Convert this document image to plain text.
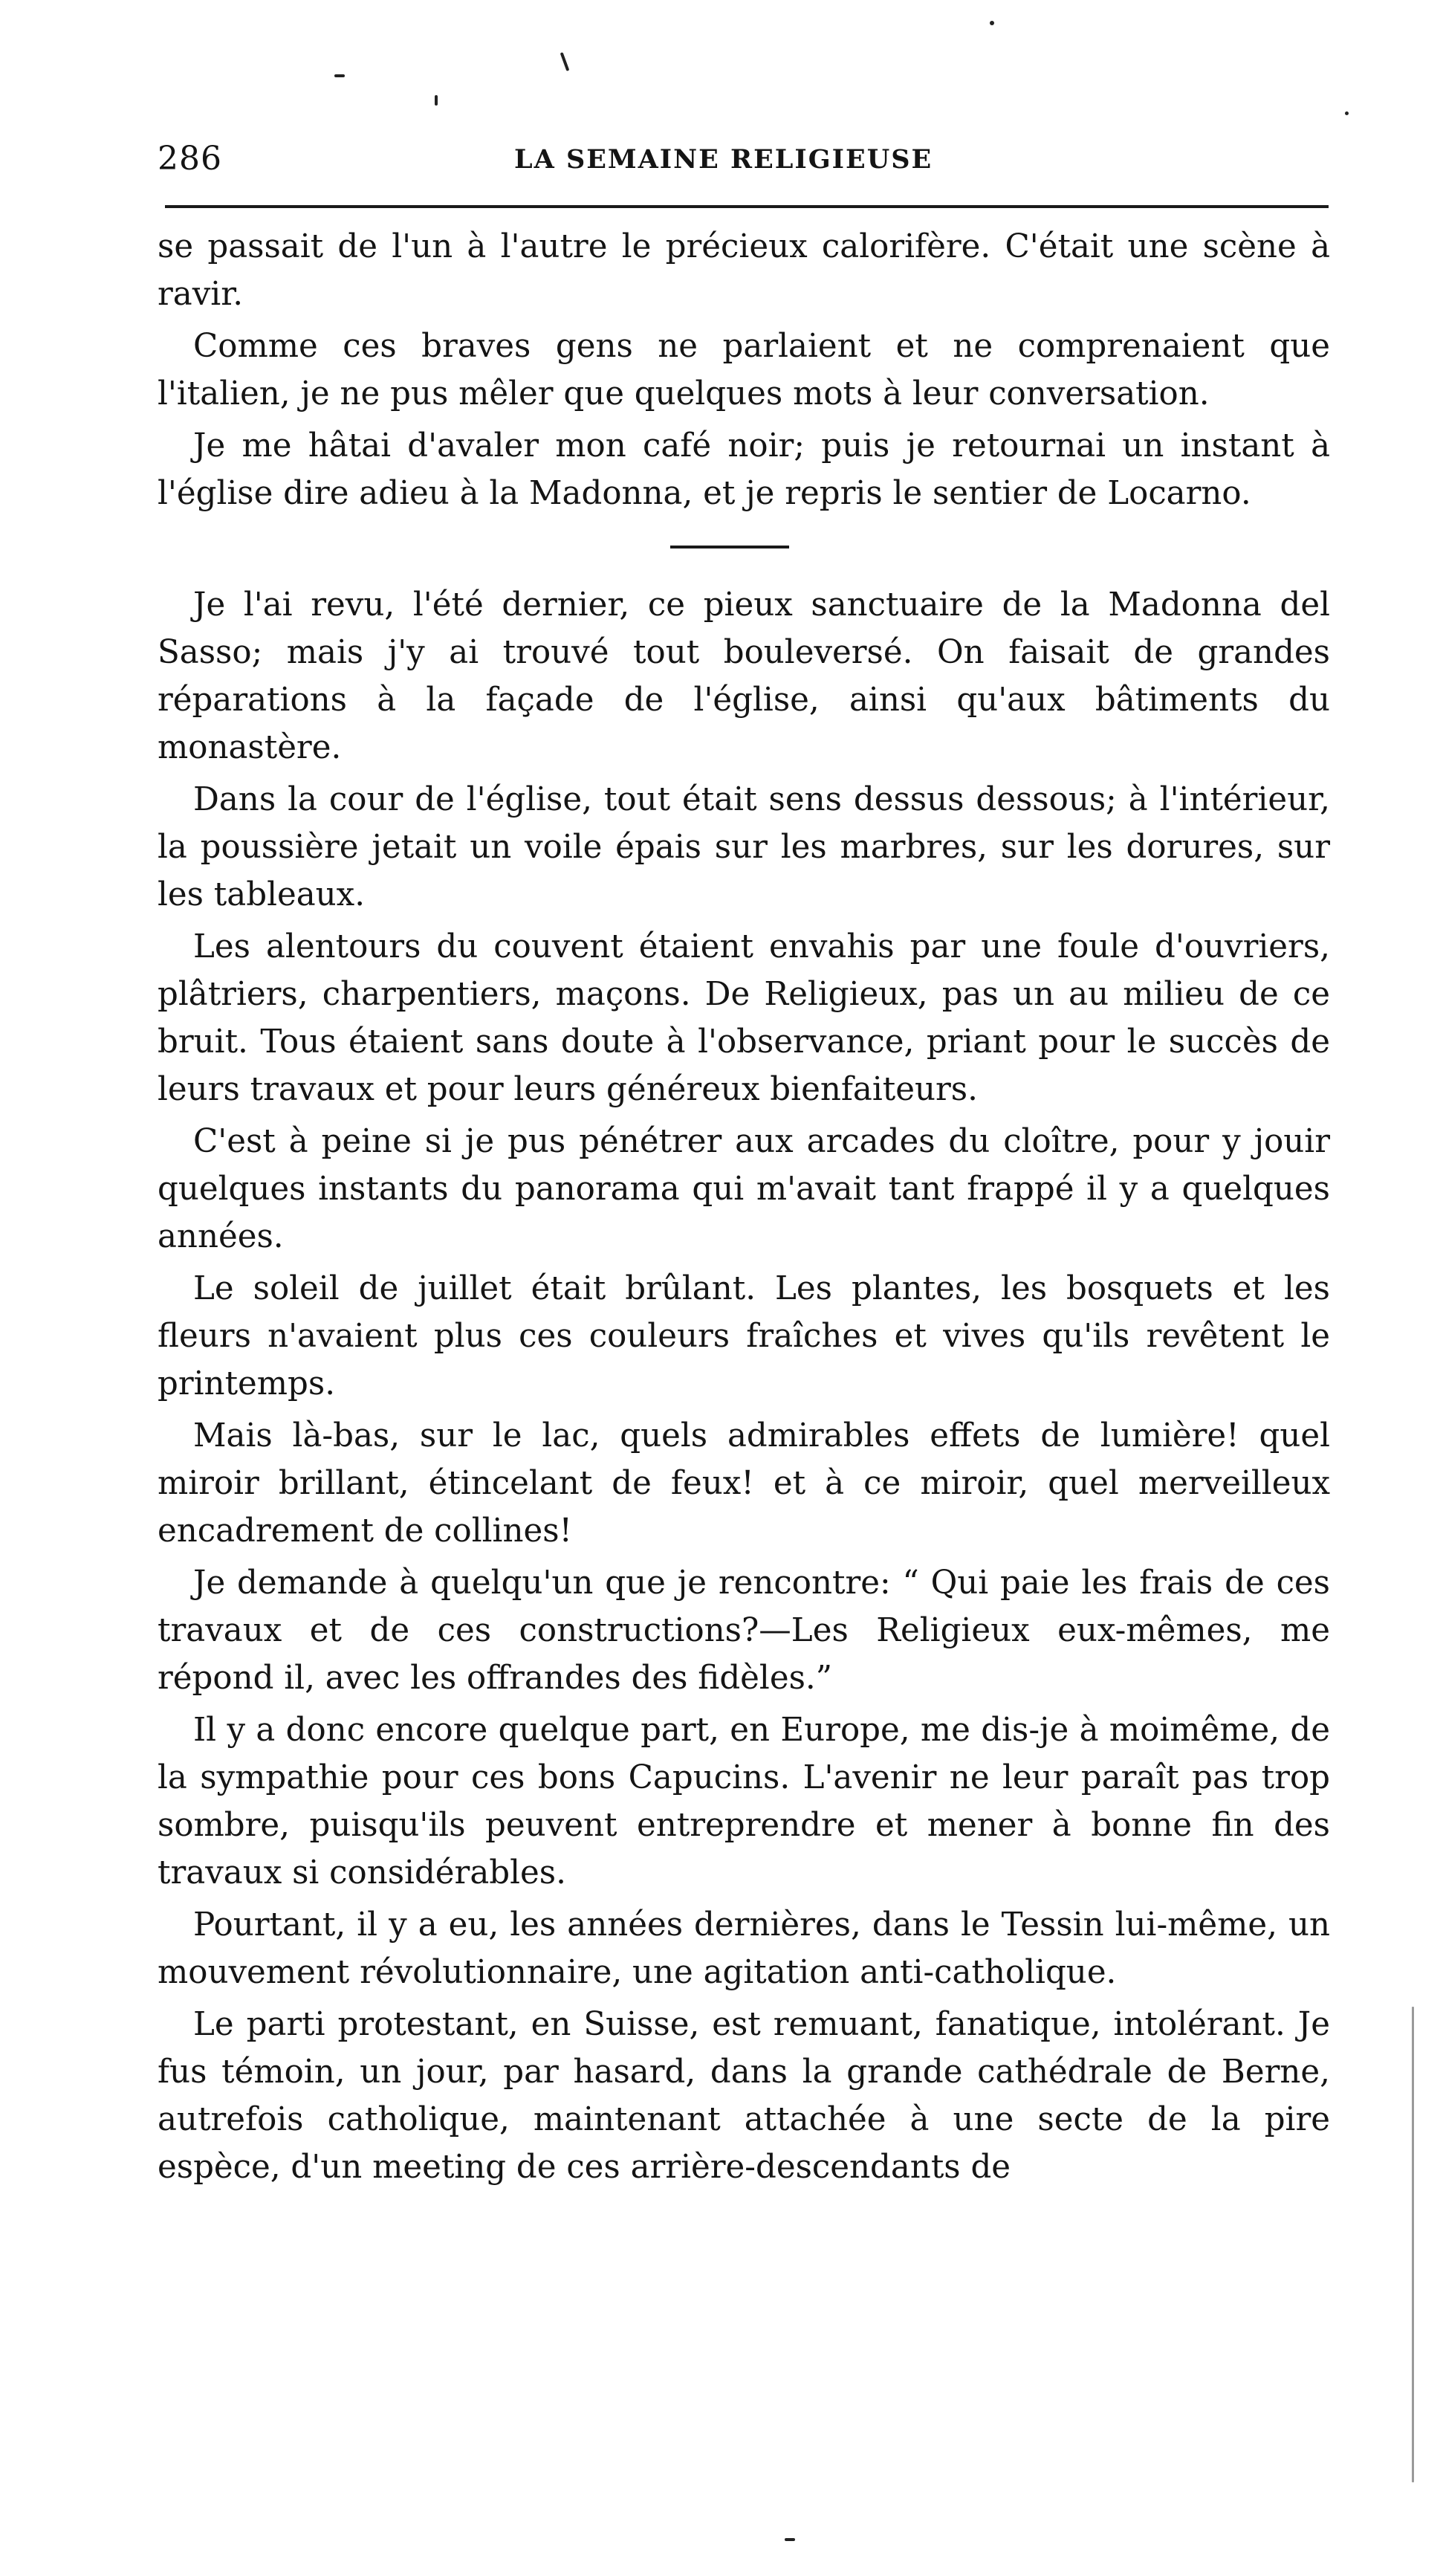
286	LA SEMAINE RELIGIEUSE

se passait de l'un à l'autre le précieux calorifère. C'était une scène à ravir.

Comme ces braves gens ne parlaient et ne comprenaient que l'italien, je ne pus mêler que quelques mots à leur conversation.

Je me hâtai d'avaler mon café noir; puis je retournai un instant à l'église dire adieu à la Madonna, et je repris le sentier de Locarno.

Je l'ai revu, l'été dernier, ce pieux sanctuaire de la Madonna del Sasso; mais j'y ai trouvé tout bouleversé. On faisait de grandes réparations à la façade de l'église, ainsi qu'aux bâtiments du monastère.

Dans la cour de l'église, tout était sens dessus dessous; à l'intérieur, la poussière jetait un voile épais sur les marbres, sur les dorures, sur les tableaux.

Les alentours du couvent étaient envahis par une foule d'ouvriers, plâtriers, charpentiers, maçons. De Religieux, pas un au milieu de ce bruit. Tous étaient sans doute à l'observance, priant pour le succès de leurs travaux et pour leurs généreux bienfaiteurs.

C'est à peine si je pus pénétrer aux arcades du cloître, pour y jouir quelques instants du panorama qui m'avait tant frappé il y a quelques années.

Le soleil de juillet était brûlant. Les plantes, les bosquets et les fleurs n'avaient plus ces couleurs fraîches et vives qu'ils revêtent le printemps.

Mais là-bas, sur le lac, quels admirables effets de lumière! quel miroir brillant, étincelant de feux! et à ce miroir, quel merveilleux encadrement de collines!

Je demande à quelqu'un que je rencontre: “ Qui paie les frais de ces travaux et de ces constructions?—Les Religieux eux-mêmes, me répond il, avec les offrandes des fidèles.”

Il y a donc encore quelque part, en Europe, me dis-je à moimême, de la sympathie pour ces bons Capucins. L'avenir ne leur paraît pas trop sombre, puisqu'ils peuvent entreprendre et mener à bonne fin des travaux si considérables.

Pourtant, il y a eu, les années dernières, dans le Tessin lui-même, un mouvement révolutionnaire, une agitation anti-catholique.

Le parti protestant, en Suisse, est remuant, fanatique, intolérant. Je fus témoin, un jour, par hasard, dans la grande cathédrale de Berne, autrefois catholique, maintenant attachée à une secte de la pire espèce, d'un meeting de ces arrière-descendants de
